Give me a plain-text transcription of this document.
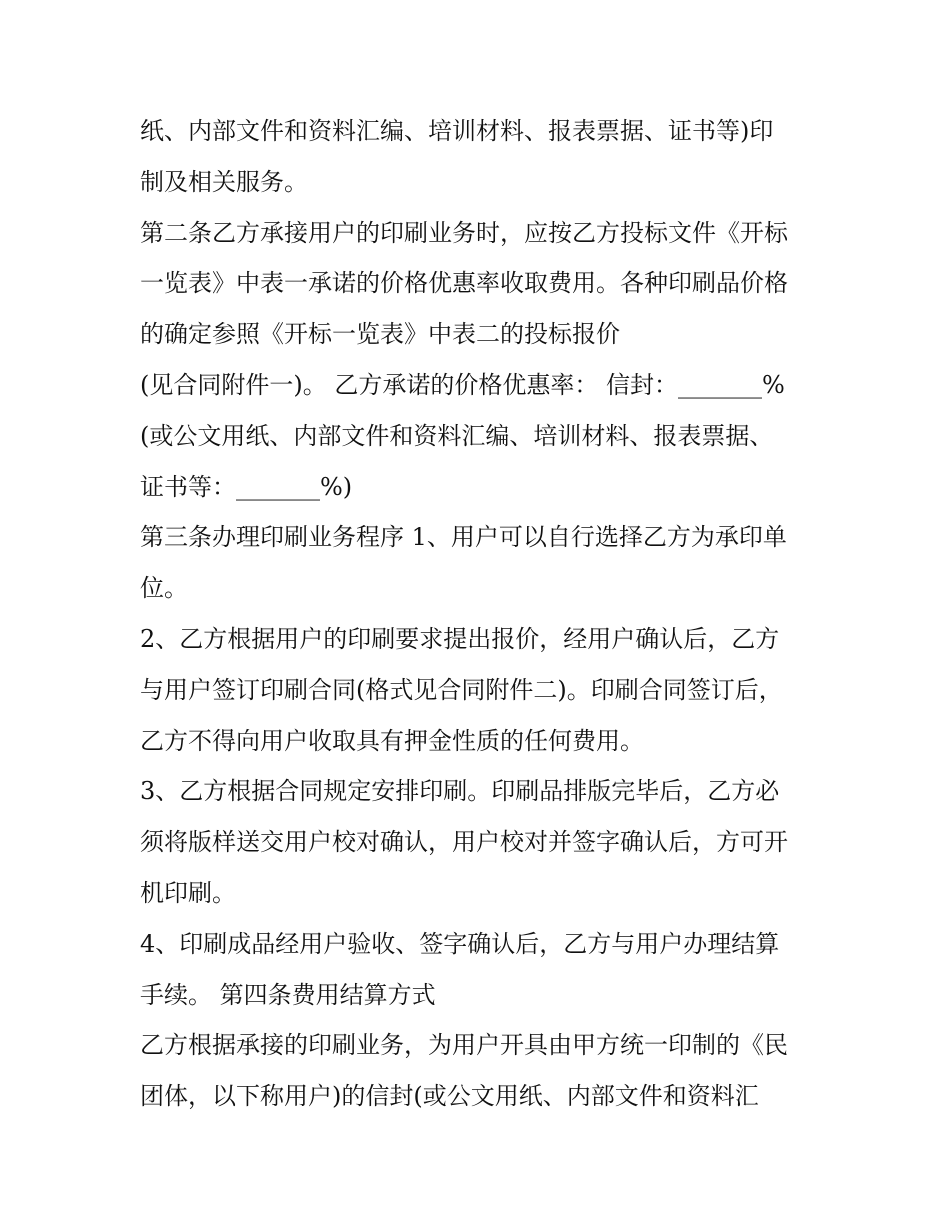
纸、内部文件和资料汇编、培训材料、报表票据、证书等)印
制及相关服务。
第二条乙方承接用户的印刷业务时，应按乙方投标文件《开标
一览表》中表一承诺的价格优惠率收取费用。各种印刷品价格
的确定参照《开标一览表》中表二的投标报价
(见合同附件一)。 乙方承诺的价格优惠率： 信封：_______%
(或公文用纸、内部文件和资料汇编、培训材料、报表票据、
证书等：_______%)
第三条办理印刷业务程序 1、用户可以自行选择乙方为承印单
位。
2、乙方根据用户的印刷要求提出报价，经用户确认后，乙方
与用户签订印刷合同(格式见合同附件二)。印刷合同签订后，
乙方不得向用户收取具有押金性质的任何费用。
3、乙方根据合同规定安排印刷。印刷品排版完毕后，乙方必
须将版样送交用户校对确认，用户校对并签字确认后，方可开
机印刷。
4、印刷成品经用户验收、签字确认后，乙方与用户办理结算
手续。 第四条费用结算方式
乙方根据承接的印刷业务，为用户开具由甲方统一印制的《民
团体，以下称用户)的信封(或公文用纸、内部文件和资料汇
